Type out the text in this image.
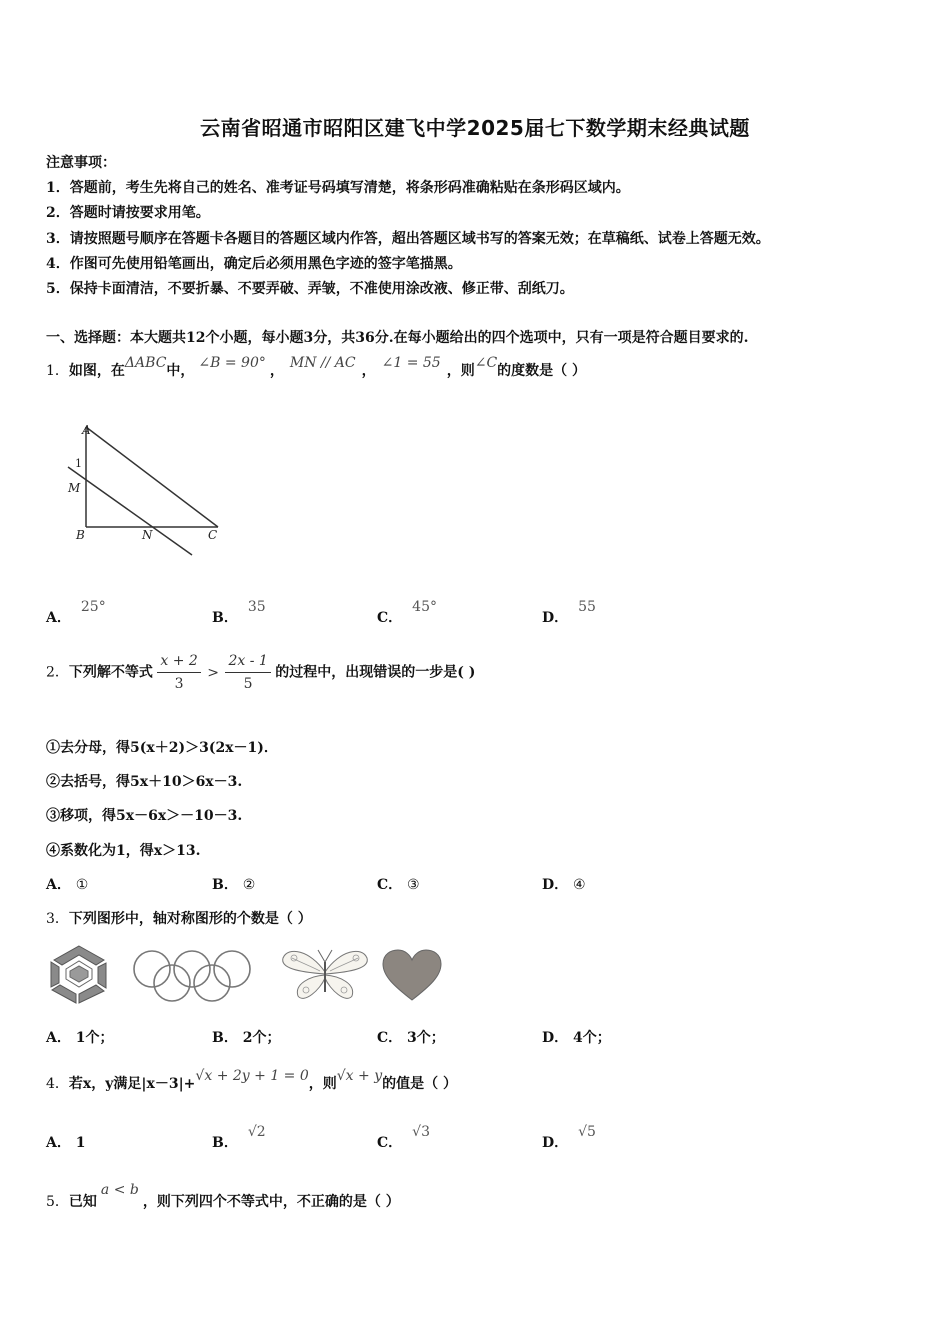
云南省昭通市昭阳区建飞中学2025届七下数学期末经典试题
注意事项：
1．答题前，考生先将自己的姓名、准考证号码填写清楚，将条形码准确粘贴在条形码区域内。
2．答题时请按要求用笔。
3．请按照题号顺序在答题卡各题目的答题区域内作答，超出答题区域书写的答案无效；在草稿纸、试卷上答题无效。
4．作图可先使用铅笔画出，确定后必须用黑色字迹的签字笔描黑。
5．保持卡面清洁，不要折暴、不要弄破、弄皱，不准使用涂改液、修正带、刮纸刀。
一、选择题：本大题共12个小题，每小题3分，共36分.在每小题给出的四个选项中，只有一项是符合题目要求的.
1．如图，在ΔABC中， ∠B = 90° ， MN // AC ， ∠1 = 55 ，则∠C的度数是（ ）
A
1
M
B	N	C
A．25°
B．35
C．45°
D．55
2．下列解不等式 $\frac{x + 2}{3} > \frac{2x - 1}{5}$ 的过程中，出现错误的一步是( )
①去分母，得5(x＋2)＞3(2x－1)．
②去括号，得5x＋10＞6x－3.
③移项，得5x－6x＞－10－3.
④系数化为1，得x＞13.
A． ①	B． ②	C． ③	D． ④
3．下列图形中，轴对称图形的个数是（ ）
A． 1个；	B． 2个；	C． 3个；	D． 4个；
4．若x，y满足|x－3|+√x + 2y + 1 = 0，则√x + y的值是（ ）
A． 1	B．√2
C．√3
D．√5
5．已知a < b，则下列四个不等式中，不正确的是（ ）
